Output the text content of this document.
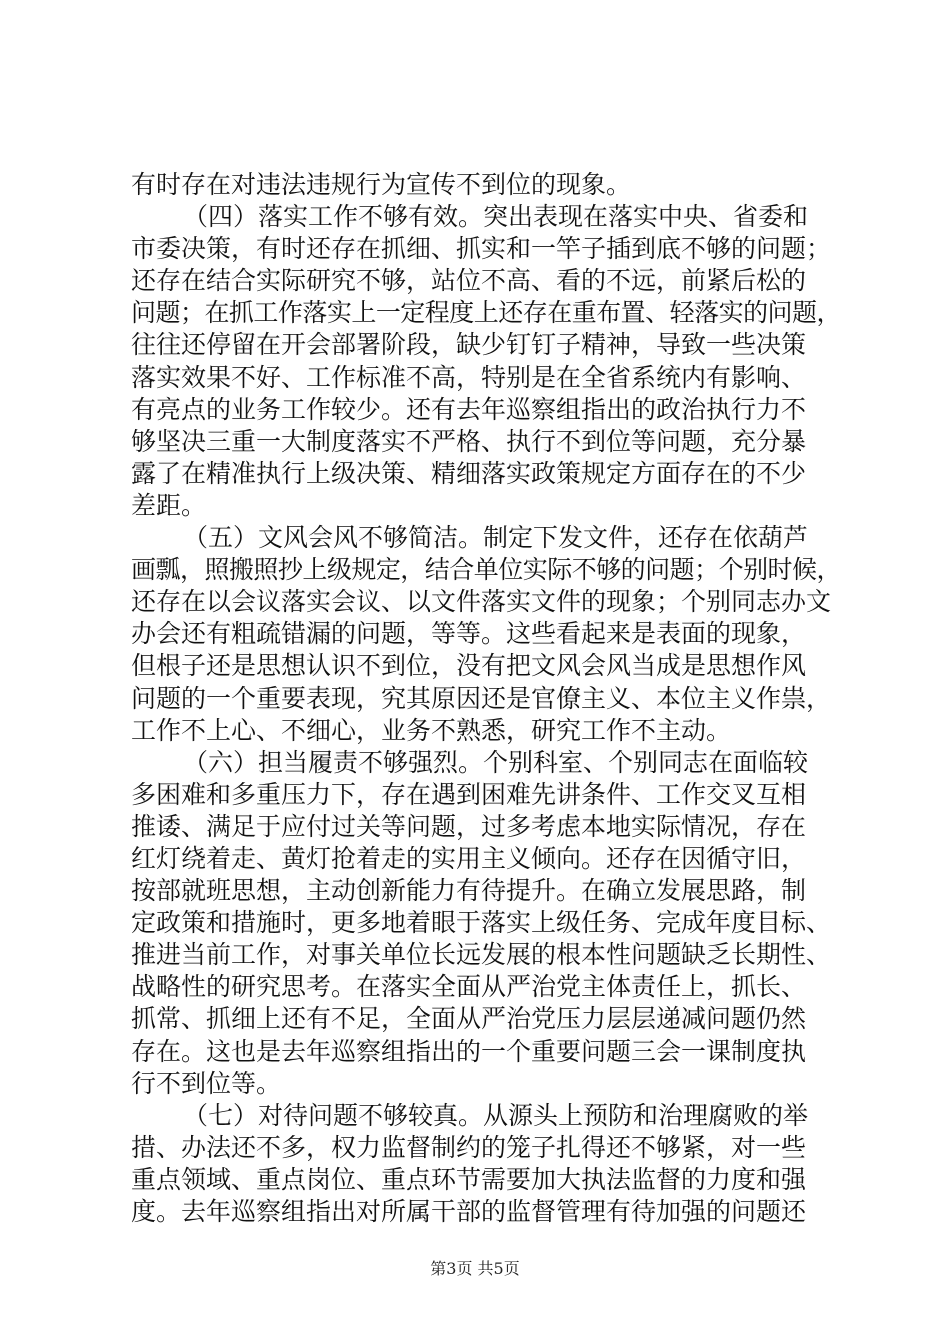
有时存在对违法违规行为宣传不到位的现象。
（四）落实工作不够有效。突出表现在落实中央、省委和
市委决策，有时还存在抓细、抓实和一竿子插到底不够的问题；
还存在结合实际研究不够，站位不高、看的不远，前紧后松的
问题；在抓工作落实上一定程度上还存在重布置、轻落实的问题，
往往还停留在开会部署阶段，缺少钉钉子精神，导致一些决策
落实效果不好、工作标准不高，特别是在全省系统内有影响、
有亮点的业务工作较少。还有去年巡察组指出的政治执行力不
够坚决三重一大制度落实不严格、执行不到位等问题，充分暴
露了在精准执行上级决策、精细落实政策规定方面存在的不少
差距。
（五）文风会风不够简洁。制定下发文件，还存在依葫芦
画瓢，照搬照抄上级规定，结合单位实际不够的问题；个别时候，
还存在以会议落实会议、以文件落实文件的现象；个别同志办文
办会还有粗疏错漏的问题，等等。这些看起来是表面的现象，
但根子还是思想认识不到位，没有把文风会风当成是思想作风
问题的一个重要表现，究其原因还是官僚主义、本位主义作祟，
工作不上心、不细心，业务不熟悉，研究工作不主动。
（六）担当履责不够强烈。个别科室、个别同志在面临较
多困难和多重压力下，存在遇到困难先讲条件、工作交叉互相
推诿、满足于应付过关等问题，过多考虑本地实际情况，存在
红灯绕着走、黄灯抢着走的实用主义倾向。还存在因循守旧，
按部就班思想，主动创新能力有待提升。在确立发展思路，制
定政策和措施时，更多地着眼于落实上级任务、完成年度目标、
推进当前工作，对事关单位长远发展的根本性问题缺乏长期性、
战略性的研究思考。在落实全面从严治党主体责任上，抓长、
抓常、抓细上还有不足，全面从严治党压力层层递减问题仍然
存在。这也是去年巡察组指出的一个重要问题三会一课制度执
行不到位等。
（七）对待问题不够较真。从源头上预防和治理腐败的举
措、办法还不多，权力监督制约的笼子扎得还不够紧，对一些
重点领域、重点岗位、重点环节需要加大执法监督的力度和强
度。去年巡察组指出对所属干部的监督管理有待加强的问题还
第3页 共5页
